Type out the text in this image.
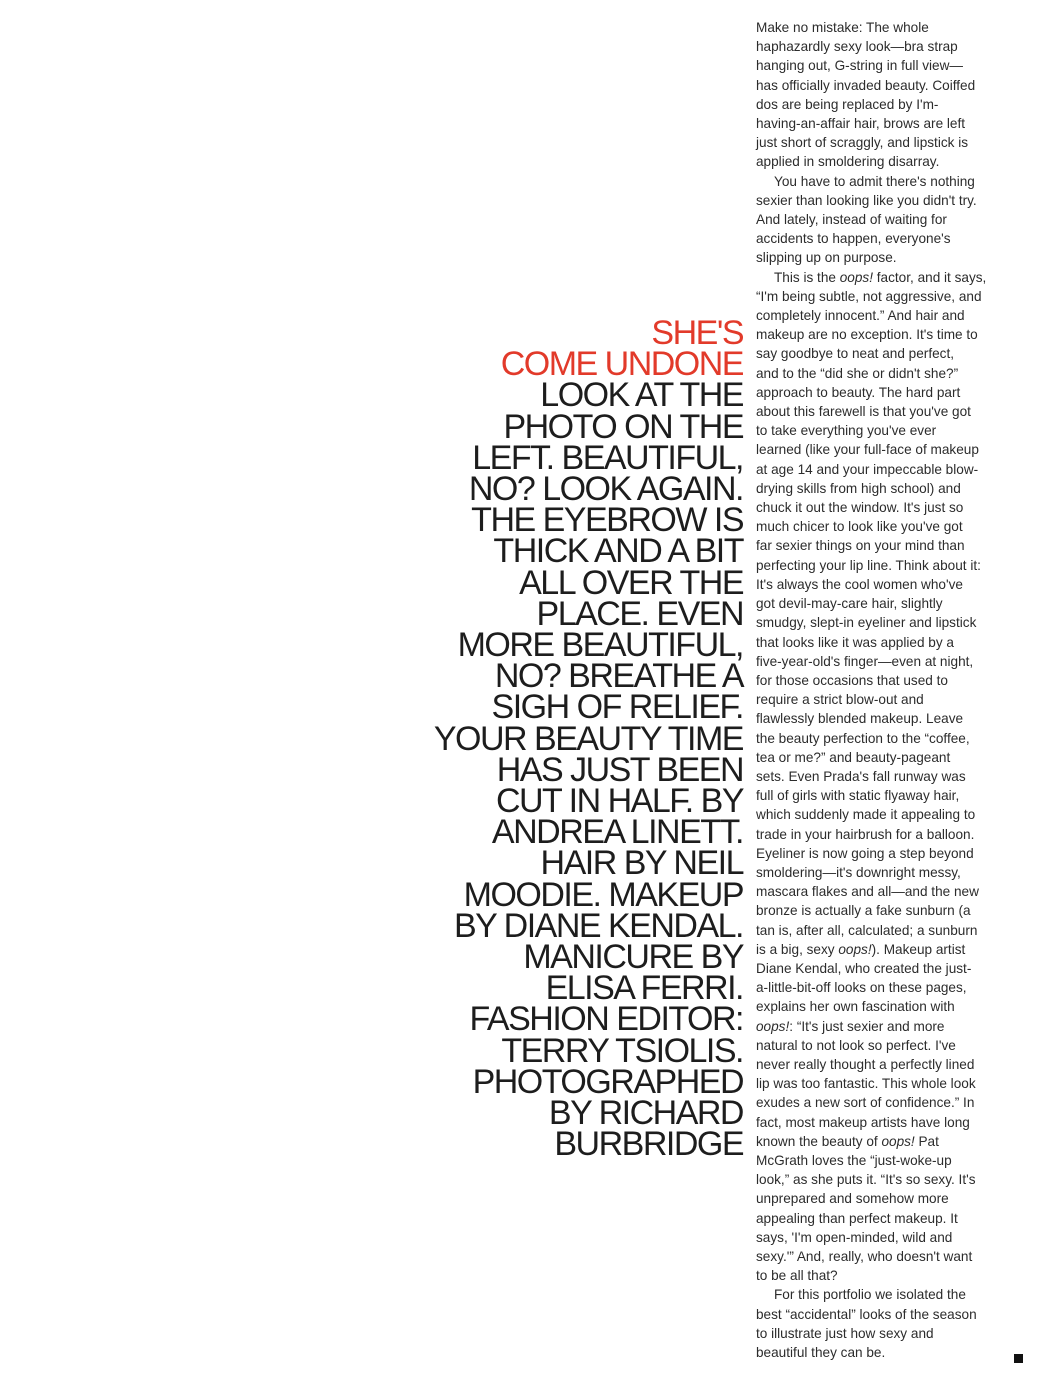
SHE'S
COME UNDONE
LOOK AT THE
PHOTO ON THE
LEFT. BEAUTIFUL,
NO? LOOK AGAIN.
THE EYEBROW IS
THICK AND A BIT
ALL OVER THE
PLACE. EVEN
MORE BEAUTIFUL,
NO? BREATHE A
SIGH OF RELIEF.
YOUR BEAUTY TIME
HAS JUST BEEN
CUT IN HALF. BY
ANDREA LINETT.
HAIR BY NEIL
MOODIE. MAKEUP
BY DIANE KENDAL.
MANICURE BY
ELISA FERRI.
FASHION EDITOR:
TERRY TSIOLIS.
PHOTOGRAPHED
BY RICHARD
BURBRIDGE
Make no mistake: The whole
haphazardly sexy look—bra strap
hanging out, G-string in full view—
has officially invaded beauty. Coiffed
dos are being replaced by I'm-
having-an-affair hair, brows are left
just short of scraggly, and lipstick is
applied in smoldering disarray.
You have to admit there's nothing
sexier than looking like you didn't try.
And lately, instead of waiting for
accidents to happen, everyone's
slipping up on purpose.
This is the oops! factor, and it says,
“I'm being subtle, not aggressive, and
completely innocent.” And hair and
makeup are no exception. It's time to
say goodbye to neat and perfect,
and to the “did she or didn't she?”
approach to beauty. The hard part
about this farewell is that you've got
to take everything you've ever
learned (like your full-face of makeup
at age 14 and your impeccable blow-
drying skills from high school) and
chuck it out the window. It's just so
much chicer to look like you've got
far sexier things on your mind than
perfecting your lip line. Think about it:
It's always the cool women who've
got devil-may-care hair, slightly
smudgy, slept-in eyeliner and lipstick
that looks like it was applied by a
five-year-old's finger—even at night,
for those occasions that used to
require a strict blow-out and
flawlessly blended makeup. Leave
the beauty perfection to the “coffee,
tea or me?” and beauty-pageant
sets. Even Prada's fall runway was
full of girls with static flyaway hair,
which suddenly made it appealing to
trade in your hairbrush for a balloon.
Eyeliner is now going a step beyond
smoldering—it's downright messy,
mascara flakes and all—and the new
bronze is actually a fake sunburn (a
tan is, after all, calculated; a sunburn
is a big, sexy oops!). Makeup artist
Diane Kendal, who created the just-
a-little-bit-off looks on these pages,
explains her own fascination with
oops!: “It's just sexier and more
natural to not look so perfect. I've
never really thought a perfectly lined
lip was too fantastic. This whole look
exudes a new sort of confidence.” In
fact, most makeup artists have long
known the beauty of oops! Pat
McGrath loves the “just-woke-up
look,” as she puts it. “It's so sexy. It's
unprepared and somehow more
appealing than perfect makeup. It
says, 'I'm open-minded, wild and
sexy.'” And, really, who doesn't want
to be all that?
For this portfolio we isolated the
best “accidental” looks of the season
to illustrate just how sexy and
beautiful they can be.
